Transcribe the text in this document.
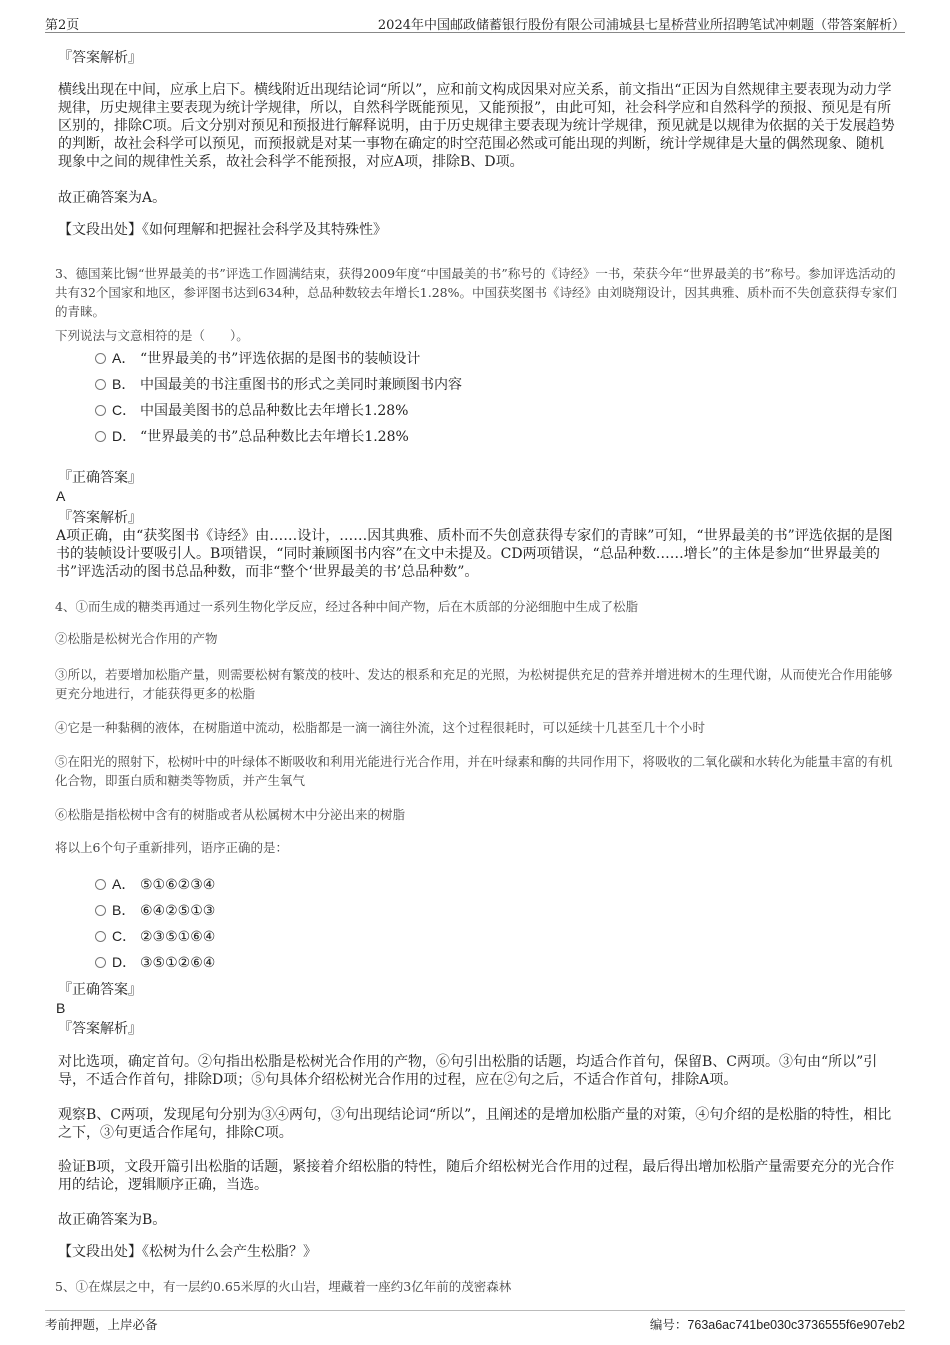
第2页	2024年中国邮政储蓄银行股份有限公司浦城县七星桥营业所招聘笔试冲刺题（带答案解析）
『答案解析』
横线出现在中间，应承上启下。横线附近出现结论词“所以”，应和前文构成因果对应关系，前文指出“正因为自然规律主要表现为动力学规律，历史规律主要表现为统计学规律，所以，自然科学既能预见，又能预报”，由此可知，社会科学应和自然科学的预报、预见是有所区别的，排除C项。后文分别对预见和预报进行解释说明，由于历史规律主要表现为统计学规律，预见就是以规律为依据的关于发展趋势的判断，故社会科学可以预见，而预报就是对某一事物在确定的时空范围必然或可能出现的判断，统计学规律是大量的偶然现象、随机现象中之间的规律性关系，故社会科学不能预报，对应A项，排除B、D项。
故正确答案为A。
【文段出处】《如何理解和把握社会科学及其特殊性》
3、德国莱比锡“世界最美的书”评选工作圆满结束，获得2009年度“中国最美的书”称号的《诗经》一书，荣获今年“世界最美的书”称号。参加评选活动的共有32个国家和地区，参评图书达到634种，总品种数较去年增长1.28%。中国获奖图书《诗经》由刘晓翔设计，因其典雅、质朴而不失创意获得专家们的青睐。
下列说法与文意相符的是（　　）。
A． “世界最美的书”评选依据的是图书的装帧设计
B． 中国最美的书注重图书的形式之美同时兼顾图书内容
C． 中国最美图书的总品种数比去年增长1.28%
D． “世界最美的书”总品种数比去年增长1.28%
『正确答案』
A
『答案解析』
A项正确，由“获奖图书《诗经》由……设计，……因其典雅、质朴而不失创意获得专家们的青睐”可知，“世界最美的书”评选依据的是图书的装帧设计要吸引人。B项错误，“同时兼顾图书内容”在文中未提及。CD两项错误，“总品种数……增长”的主体是参加“世界最美的书”评选活动的图书总品种数，而非“整个‘世界最美的书’总品种数”。
4、①而生成的糖类再通过一系列生物化学反应，经过各种中间产物，后在木质部的分泌细胞中生成了松脂
②松脂是松树光合作用的产物
③所以，若要增加松脂产量，则需要松树有繁茂的枝叶、发达的根系和充足的光照，为松树提供充足的营养并增进树木的生理代谢，从而使光合作用能够更充分地进行，才能获得更多的松脂
④它是一种黏稠的液体，在树脂道中流动，松脂都是一滴一滴往外流，这个过程很耗时，可以延续十几甚至几十个小时
⑤在阳光的照射下，松树叶中的叶绿体不断吸收和利用光能进行光合作用，并在叶绿素和酶的共同作用下，将吸收的二氧化碳和水转化为能量丰富的有机化合物，即蛋白质和糖类等物质，并产生氧气
⑥松脂是指松树中含有的树脂或者从松属树木中分泌出来的树脂
将以上6个句子重新排列，语序正确的是：
A． ⑤①⑥②③④
B． ⑥④②⑤①③
C． ②③⑤①⑥④
D． ③⑤①②⑥④
『正确答案』
B
『答案解析』
对比选项，确定首句。②句指出松脂是松树光合作用的产物，⑥句引出松脂的话题，均适合作首句，保留B、C两项。③句由“所以”引导，不适合作首句，排除D项；⑤句具体介绍松树光合作用的过程，应在②句之后，不适合作首句，排除A项。
观察B、C两项，发现尾句分别为③④两句，③句出现结论词“所以”，且阐述的是增加松脂产量的对策，④句介绍的是松脂的特性，相比之下，③句更适合作尾句，排除C项。
验证B项，文段开篇引出松脂的话题，紧接着介绍松脂的特性，随后介绍松树光合作用的过程，最后得出增加松脂产量需要充分的光合作用的结论，逻辑顺序正确，当选。
故正确答案为B。
【文段出处】《松树为什么会产生松脂？》
5、①在煤层之中，有一层约0.65米厚的火山岩，埋藏着一座约3亿年前的茂密森林
考前押题，上岸必备	编号：763a6ac741be030c3736555f6e907eb2
